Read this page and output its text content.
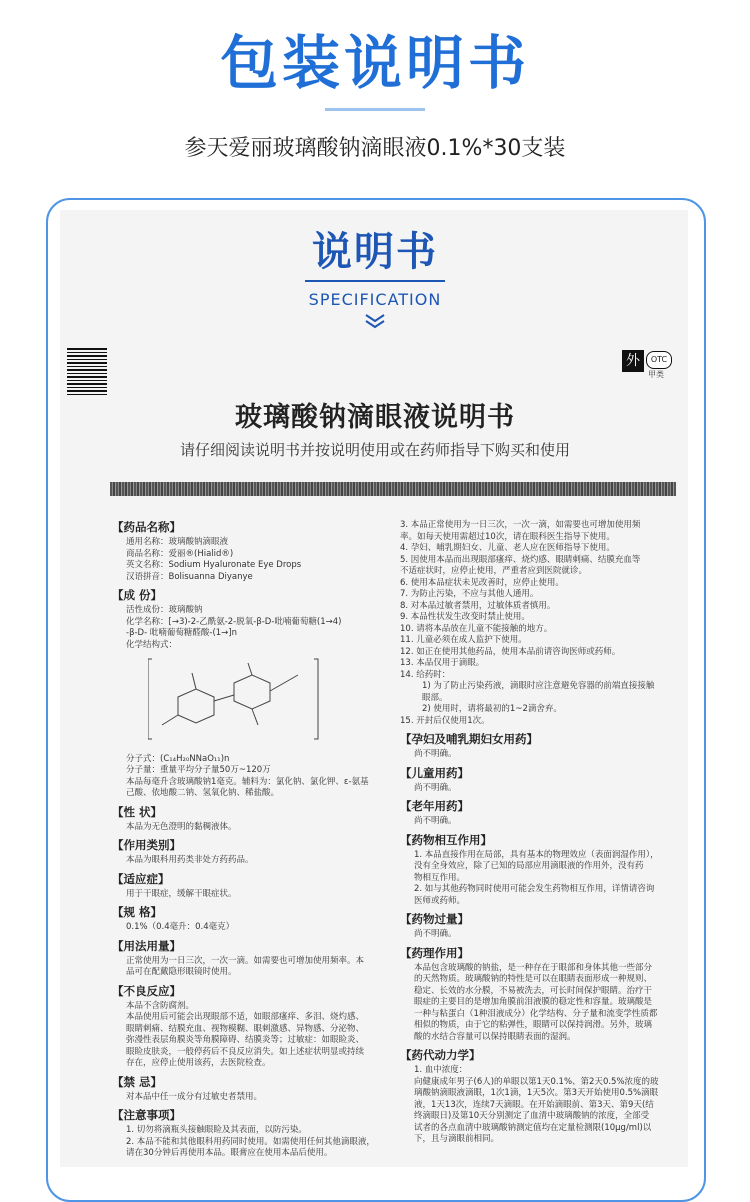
包装说明书
参天爱丽玻璃酸钠滴眼液0.1%*30支装
说明书
SPECIFICATION
外	OTC
甲类
玻璃酸钠滴眼液说明书
请仔细阅读说明书并按说明使用或在药师指导下购买和使用
【药品名称】
通用名称：玻璃酸钠滴眼液
商品名称：爱丽®(Hialid®)
英文名称：Sodium Hyaluronate Eye Drops
汉语拼音：Bolisuanna Diyanye
【成 份】
活性成份：玻璃酸钠
化学名称：[→3)-2-乙酰氨-2-脱氧-β-D-吡喃葡萄糖(1→4)
-β-D- 吡喃葡萄糖醛酸-(1→]n
化学结构式：
分子式：(C₁₄H₂₀NNaO₁₁)n
分子量：重量平均分子量50万~120万
本品每毫升含玻璃酸钠1毫克。辅料为：氯化钠、氯化钾、ε-氨基
己酸、依地酸二钠、氢氧化钠、稀盐酸。
【性 状】
本品为无色澄明的黏稠液体。
【作用类别】
本品为眼科用药类非处方药药品。
【适应症】
用于干眼症，缓解干眼症状。
【规 格】
0.1%（0.4毫升：0.4毫克）
【用法用量】
正常使用为一日三次，一次一滴。如需要也可增加使用频率。本
品可在配戴隐形眼镜时使用。
【不良反应】
本品不含防腐剂。
本品使用后可能会出现眼部不适，如眼部瘙痒、多泪、烧灼感、
眼睛刺痛、结膜充血、视物模糊、眼刺激感、异物感、分泌物、
弥漫性表层角膜炎等角膜障碍、结膜炎等；过敏症：如眼睑炎、
眼睑皮肤炎，一般停药后不良反应消失。如上述症状明显或持续
存在，应停止使用该药，去医院检查。
【禁 忌】
对本品中任一成分有过敏史者禁用。
【注意事项】
1. 切勿将滴瓶头接触眼睑及其表面，以防污染。
2. 本品不能和其他眼科用药同时使用。如需使用任何其他滴眼液，
请在30分钟后再使用本品。眼膏应在使用本品后使用。
3. 本品正常使用为一日三次，一次一滴，如需要也可增加使用频
率。如每天使用需超过10次，请在眼科医生指导下使用。
4. 孕妇、哺乳期妇女、儿童、老人应在医师指导下使用。
5. 因使用本品而出现眼部瘙痒、烧灼感、眼睛刺痛、结膜充血等
不适症状时，应停止使用，严重者应到医院就诊。
6. 使用本品症状未见改善时，应停止使用。
7. 为防止污染，不应与其他人通用。
8. 对本品过敏者禁用，过敏体质者慎用。
9. 本品性状发生改变时禁止使用。
10. 请将本品放在儿童不能接触的地方。
11. 儿童必须在成人监护下使用。
12. 如正在使用其他药品，使用本品前请咨询医师或药师。
13. 本品仅用于滴眼。
14. 给药时：
1) 为了防止污染药液，滴眼时应注意避免容器的前端直接接触
眼部。
2) 使用时，请将最初的1~2滴舍弃。
15. 开封后仅使用1次。
【孕妇及哺乳期妇女用药】
尚不明确。
【儿童用药】
尚不明确。
【老年用药】
尚不明确。
【药物相互作用】
1. 本品直接作用在局部，具有基本的物理效应（表面润湿作用），
没有全身效应，除了已知的局部应用滴眼液的作用外，没有药
物相互作用。
2. 如与其他药物同时使用可能会发生药物相互作用，详情请咨询
医师或药师。
【药物过量】
尚不明确。
【药理作用】
本品包含玻璃酸的钠盐，是一种存在于眼部和身体其他一些部分
的天然物质。玻璃酸钠的特性是可以在眼睛表面形成一种规则、
稳定、长效的水分膜，不易被洗去，可长时间保护眼睛。治疗干
眼症的主要目的是增加角膜前泪液膜的稳定性和容量。玻璃酸是
一种与粘蛋白（1种泪液成分）化学结构、分子量和流变学性质都
相似的物质，由于它的粘弹性，眼睛可以保持润滑。另外，玻璃
酸的水结合容量可以保持眼睛表面的湿润。
【药代动力学】
1. 血中浓度：
向健康成年男子(6人)的单眼以第1天0.1%、第2天0.5%浓度的玻
璃酸钠滴眼液滴眼，1次1滴，1天5次。第3天开始使用0.5%滴眼
液，1天13次，连续7天滴眼。在开始滴眼前、第3天、第9天(结
终滴眼日)及第10天分别测定了血清中玻璃酸钠的浓度，全部受
试者的各点血清中玻璃酸钠测定值均在定量检测限(10μg/ml)以
下，且与滴眼前相同。
